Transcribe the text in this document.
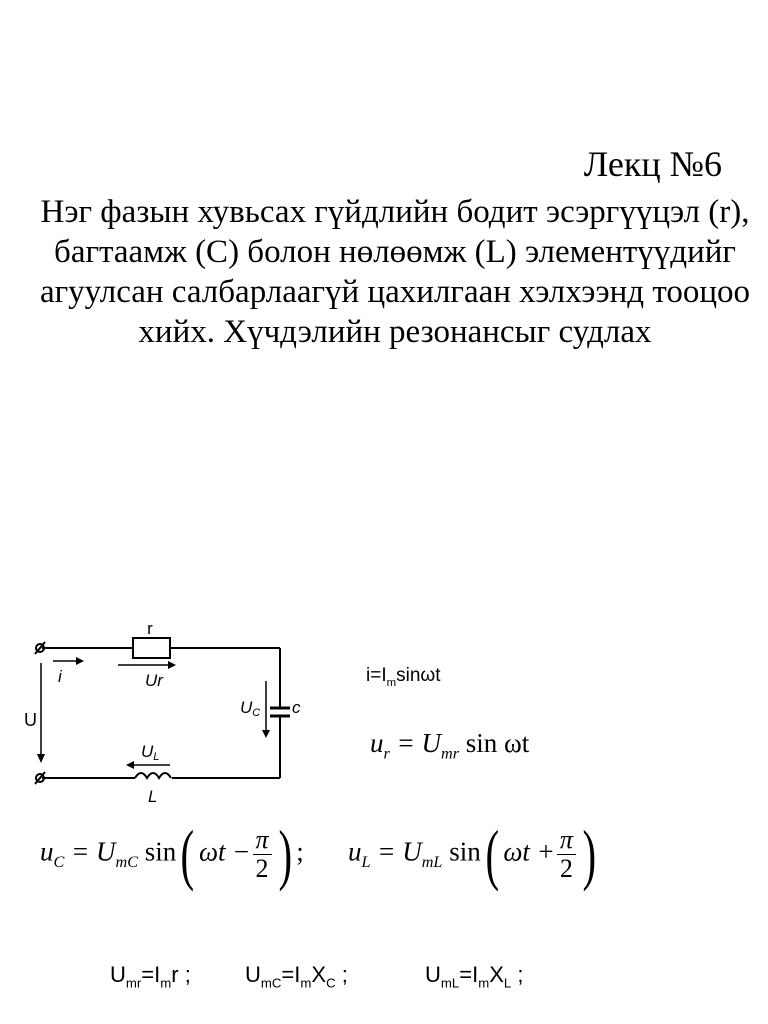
Лекц №6
Нэг фазын хувьсах гүйдлийн бодит эсэргүүцэл (r), багтаамж (С) болон нөлөөмж (L) элементүүдийг агуулсан салбарлаагүй цахилгаан хэлхээнд тооцоо хийх. Хүчдэлийн резонансыг судлах
r
i	Ur
U
UC c
UL
L
$i=I_m\sin\omega t$
$u_r = U_{mr}$ sin ωt
$u_C = U_{mC}$ sin( $\omega t - \frac{\pi}{2}$ ) ; $u_L = U_{mL}$ sin( $\omega t + \frac{\pi}{2}$ )
$U_{mr}=I_mr$ ; $U_{mC}=I_mX_C$ ;	$U_{mL}=I_mX_L$ ;
